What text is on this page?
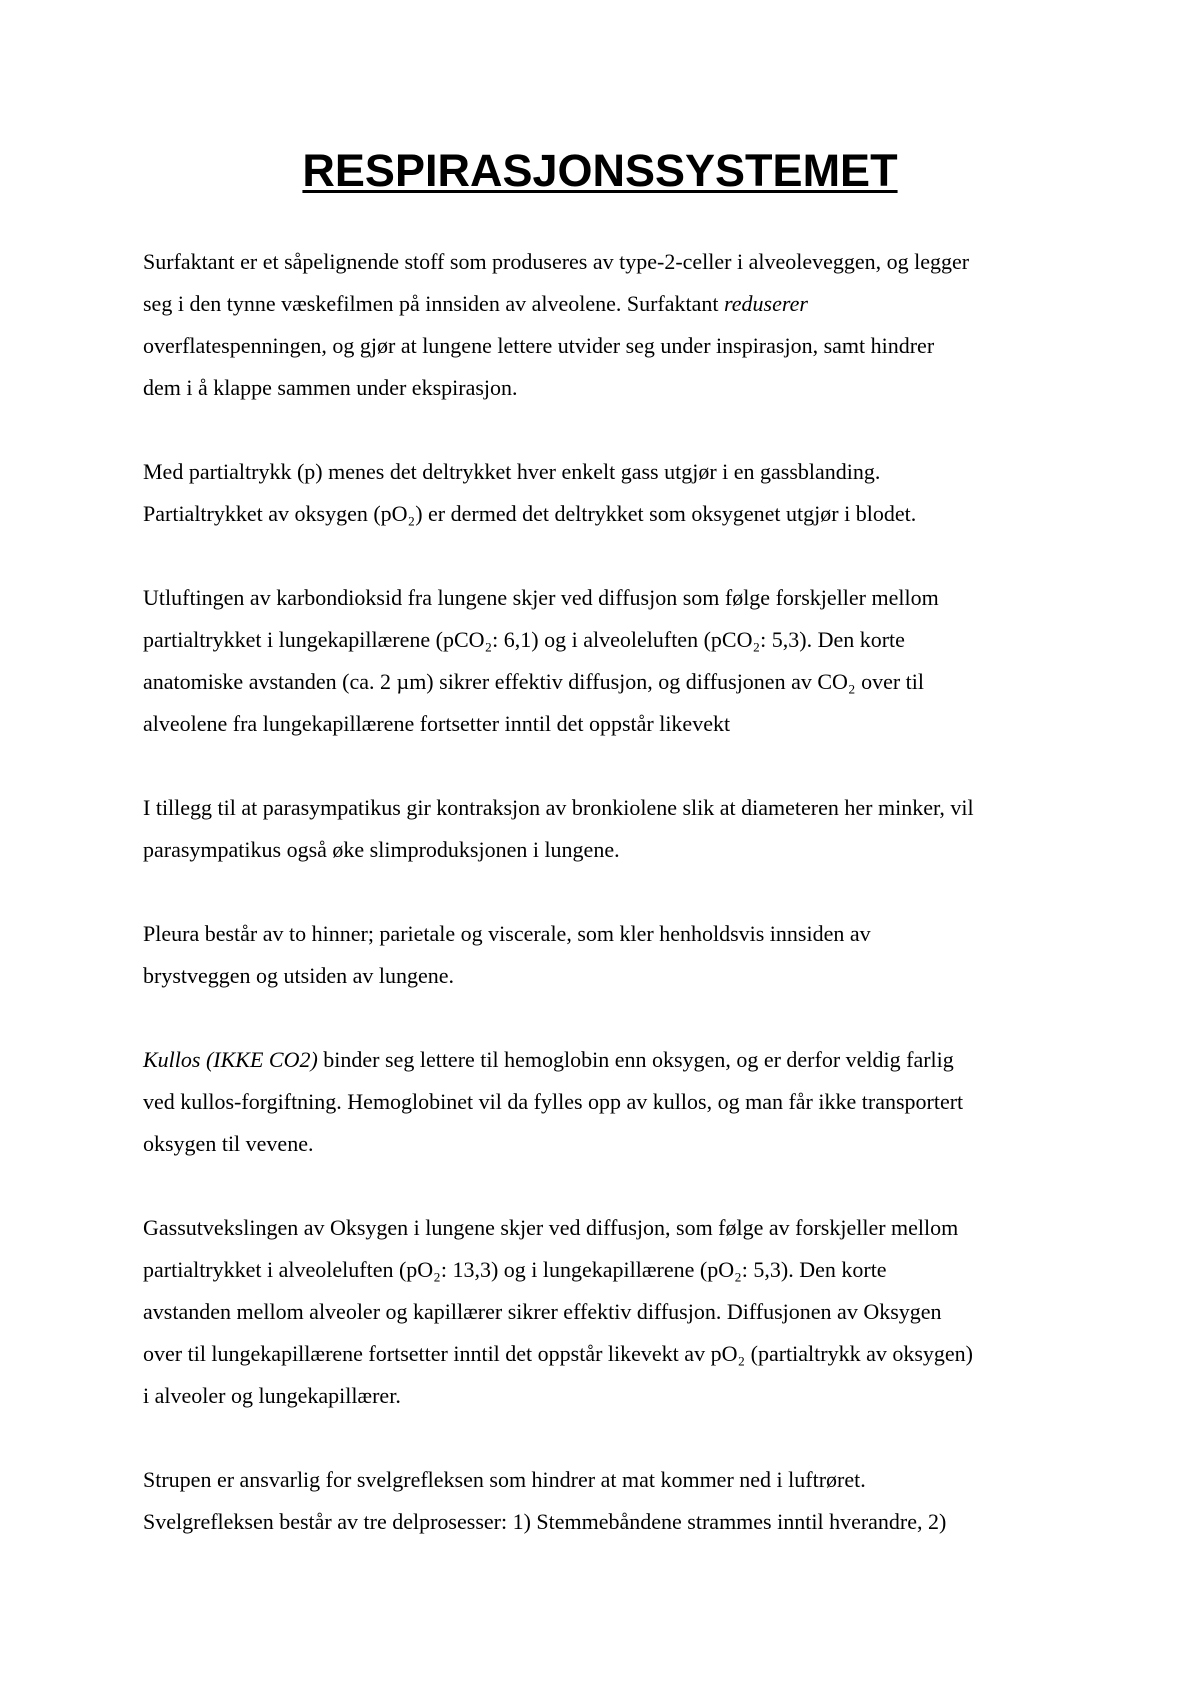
RESPIRASJONSSYSTEMET

Surfaktant er et såpelignende stoff som produseres av type-2-celler i alveoleveggen, og legger
seg i den tynne væskefilmen på innsiden av alveolene. Surfaktant reduserer
overflatespenningen, og gjør at lungene lettere utvider seg under inspirasjon, samt hindrer
dem i å klappe sammen under ekspirasjon.

Med partialtrykk (p) menes det deltrykket hver enkelt gass utgjør i en gassblanding.
Partialtrykket av oksygen (pO₂) er dermed det deltrykket som oksygenet utgjør i blodet.

Utluftingen av karbondioksid fra lungene skjer ved diffusjon som følge forskjeller mellom
partialtrykket i lungekapillærene (pCO₂: 6,1) og i alveoleluften (pCO₂: 5,3). Den korte
anatomiske avstanden (ca. 2 µm) sikrer effektiv diffusjon, og diffusjonen av CO₂ over til
alveolene fra lungekapillærene fortsetter inntil det oppstår likevekt

I tillegg til at parasympatikus gir kontraksjon av bronkiolene slik at diameteren her minker, vil
parasympatikus også øke slimproduksjonen i lungene.

Pleura består av to hinner; parietale og viscerale, som kler henholdsvis innsiden av
brystveggen og utsiden av lungene.

Kullos (IKKE CO2) binder seg lettere til hemoglobin enn oksygen, og er derfor veldig farlig
ved kullos-forgiftning. Hemoglobinet vil da fylles opp av kullos, og man får ikke transportert
oksygen til vevene.

Gassutvekslingen av Oksygen i lungene skjer ved diffusjon, som følge av forskjeller mellom
partialtrykket i alveoleluften (pO₂: 13,3) og i lungekapillærene (pO₂: 5,3). Den korte
avstanden mellom alveoler og kapillærer sikrer effektiv diffusjon. Diffusjonen av Oksygen
over til lungekapillærene fortsetter inntil det oppstår likevekt av pO₂ (partialtrykk av oksygen)
i alveoler og lungekapillærer.

Strupen er ansvarlig for svelgrefleksen som hindrer at mat kommer ned i luftrøret.
Svelgrefleksen består av tre delprosesser: 1) Stemmebåndene strammes inntil hverandre, 2)
